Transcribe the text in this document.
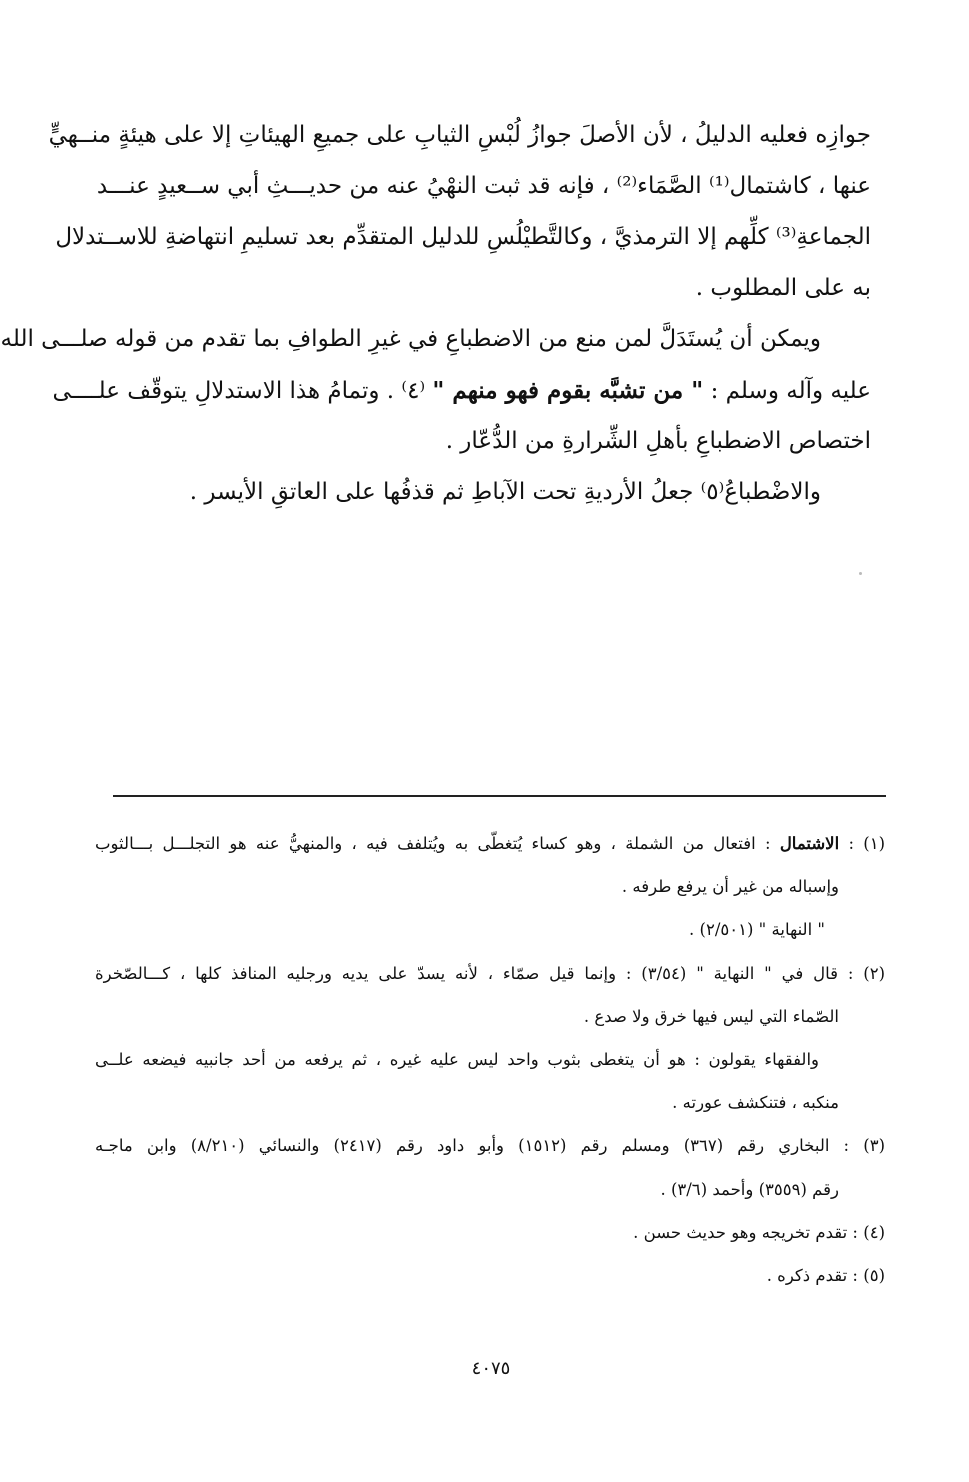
جوازِه فعليه الدليلُ ، لأن الأصلَ جوازُ لُبْسِ الثيابِ على جميعِ الهيئاتِ إلا على هيئةٍ منــهيٍّ
عنها ، كاشتمال⁽¹⁾ الصَّمَاء⁽²⁾ ، فإنه قد ثبت النهْيُ عنه من حديـــثِ أبي ســعيدٍ عنـــد
الجماعةِ⁽³⁾ كلِّهم إلا الترمذيَّ ، وكالتَّطيْلُسِ للدليل المتقدِّم بعد تسليمِ انتهاضةِ للاســتدلال
به على المطلوب .
ويمكن أن يُستَدَلَّ لمن منع من الاضطباعِ في غيرِ الطوافِ بما تقدم من قوله صلـــى الله
عليه وآله وسلم : " من تشبَّه بقوم فهو منهم " ⁽٤⁾ . وتمامُ هذا الاستدلالِ يتوقّف علــــى
اختصاص الاضطباعِ بأهلِ الشِّرارةِ من الدُّعّار .
والاضْطباعُ⁽٥⁾ جعلُ الأرديةِ تحت الآباطِ ثم قذفُها على العاتقِ الأيسر .
(١) : الاشتمال : افتعال من الشملة ، وهو كساء يُتغطّى به ويُتلفف فيه ، والمنهيُّ عنه هو التجلـــل بـــالثوب
وإسباله من غير أن يرفع طرفه .
" النهاية " (٢/٥٠١) .
(٢) : قال في " النهاية " (٣/٥٤) : وإنما قيل صمّاء ، لأنه يسدّ على يديه ورجليه المنافذ كلها ، كـــالصّخرة
الصّماء التي ليس فيها خرق ولا صدع .
والفقهاء يقولون : هو أن يتغطى بثوب واحد ليس عليه غيره ، ثم يرفعه من أحد جانبيه فيضعه علــى
منكبه ، فتنكشف عورته .
(٣) : البخاري رقم (٣٦٧) ومسلم رقم (١٥١٢) وأبو داود رقم (٢٤١٧) والنسائي (٨/٢١٠) وابن ماجـه
رقم (٣٥٥٩) وأحمد (٣/٦) .
(٤) : تقدم تخريجه وهو حديث حسن .
(٥) : تقدم ذكره .
٤٠٧٥
